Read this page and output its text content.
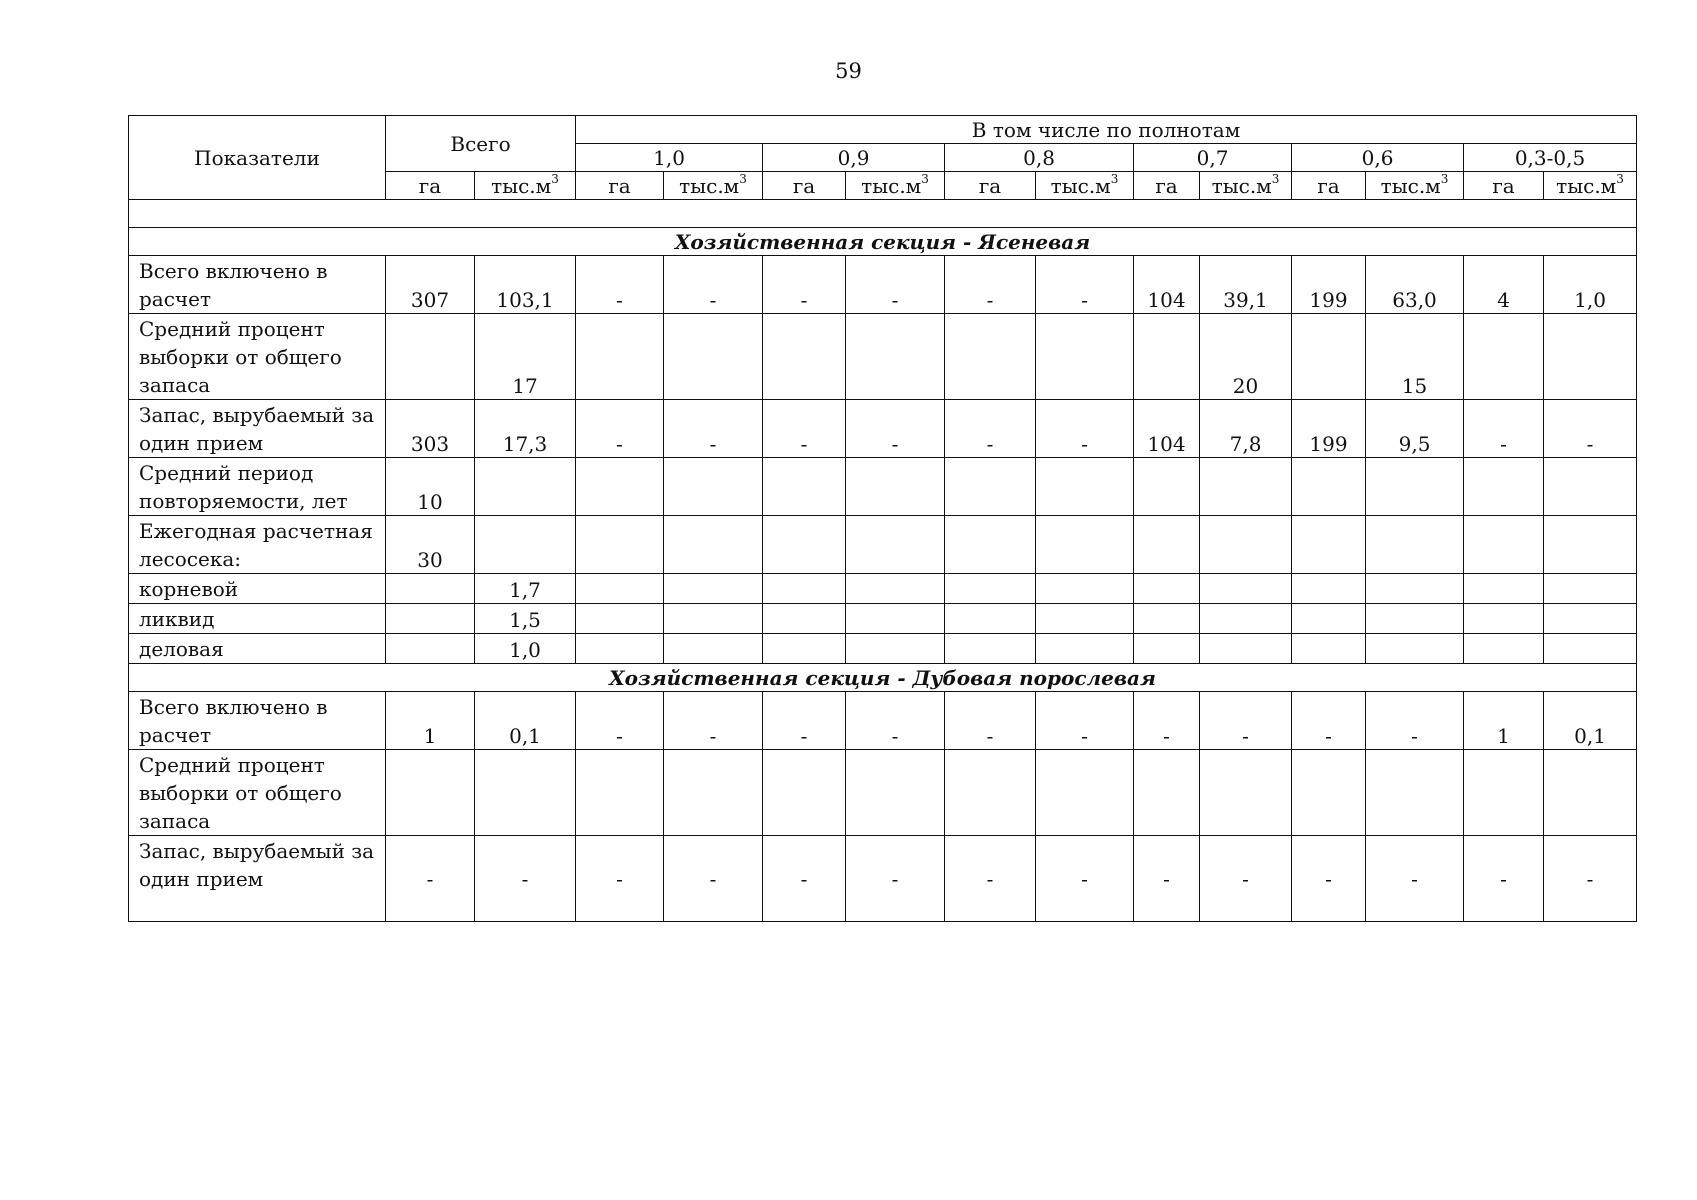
59
Показатели	Всего		В том числе по полнотам											
			1,0		0,9		0,8		0,7		0,6		0,3-0,5	
	га	$тыс.м^3$	га	$тыс.м^3$	га	$тыс.м^3$	га	$тыс.м^3$	га	$тыс.м^3$	га	$тыс.м^3$	га	$тыс.м^3$

Хозяйственная секция - Ясеневая														
Всего включено в расчет	307	103,1	-	-	-	-	-	-	104	39,1	199	63,0	4	1,0
Средний процент выборки от общего запаса		17								20		15		
Запас, вырубаемый за один прием	303	17,3	-	-	-	-	-	-	104	7,8	199	9,5	-	-
Средний период повторяемости, лет	10													
Ежегодная расчетная лесосека:	30													
корневой		1,7												
ликвид		1,5												
деловая		1,0												
Хозяйственная секция - Дубовая порослевая														
Всего включено в расчет	1	0,1	-	-	-	-	-	-	-	-	-	-	1	0,1
Средний процент выборки от общего запаса														
Запас, вырубаемый за один прием	-	-	-	-	-	-	-	-	-	-	-	-	-	-
